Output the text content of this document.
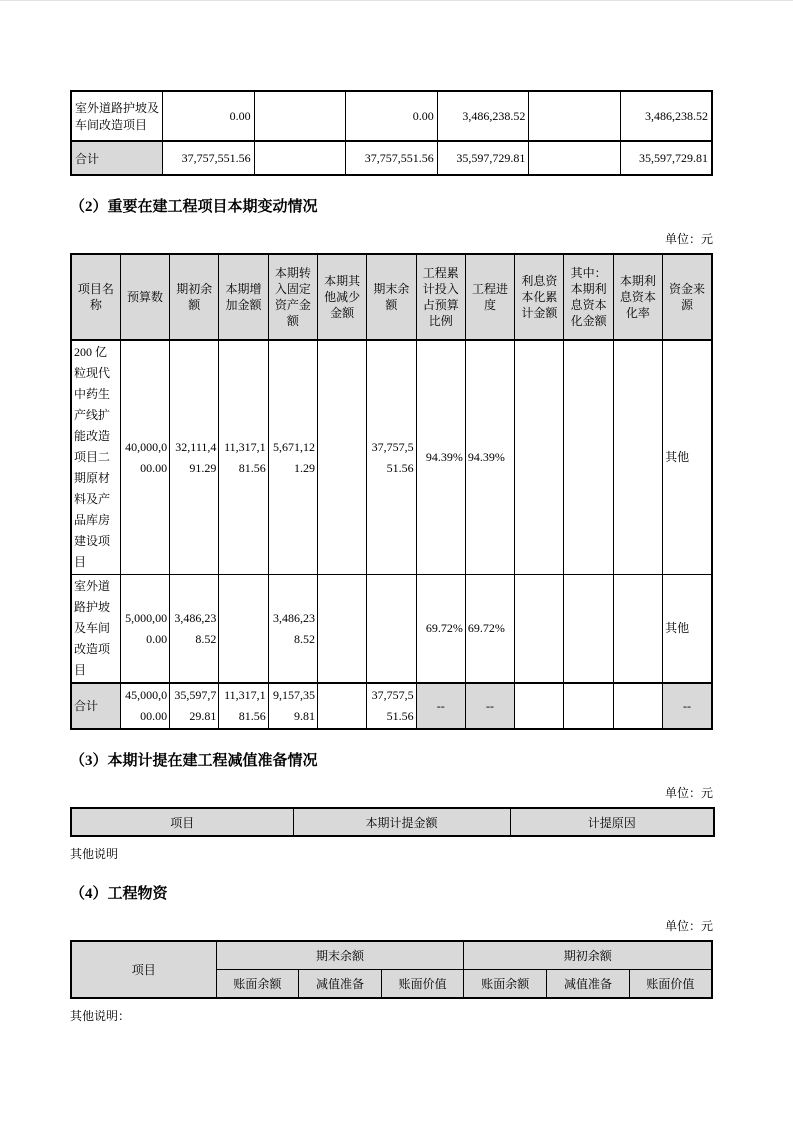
室外道路护坡及车间改造项目	0.00		0.00	3,486,238.52		3,486,238.52
合计	37,757,551.56		37,757,551.56	35,597,729.81		35,597,729.81
（2）重要在建工程项目本期变动情况
单位：元
项目名称	预算数	期初余额	本期增加金额	本期转入固定资产金额	本期其他减少金额	期末余额	工程累计投入占预算比例	工程进度	利息资本化累计金额	其中：本期利息资本化金额	本期利息资本化率	资金来源
200 亿粒现代中药生产线扩能改造项目二期原材料及产品库房建设项目	40,000,000.00	32,111,491.29	11,317,181.56	5,671,121.29		37,757,551.56	94.39%	94.39%				其他
室外道路护坡及车间改造项目	5,000,000.00	3,486,238.52		3,486,238.52			69.72%	69.72%				其他
合计	45,000,000.00	35,597,729.81	11,317,181.56	9,157,359.81		37,757,551.56	--	--				--
（3）本期计提在建工程减值准备情况
单位：元
项目	本期计提金额	计提原因
其他说明
（4）工程物资
单位：元
项目	期末余额			期初余额		
	账面余额	减值准备	账面价值	账面余额	减值准备	账面价值
其他说明：
